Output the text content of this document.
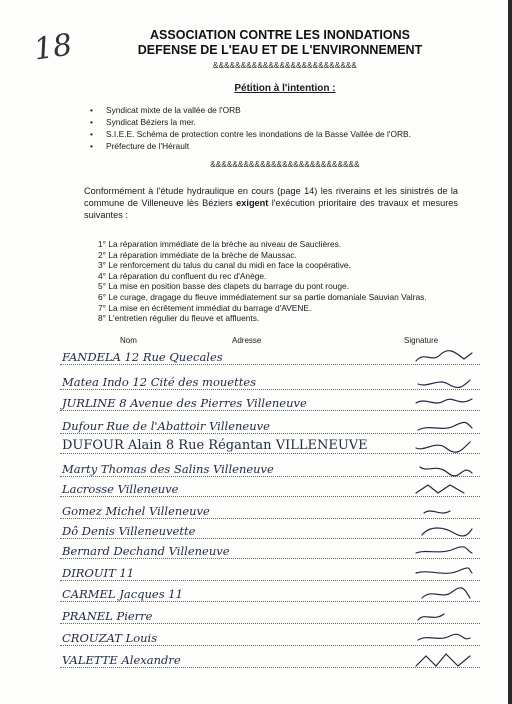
18	ASSOCIATION CONTRE LES INONDATIONS
DEFENSE DE L'EAU ET DE L'ENVIRONNEMENT
&&&&&&&&&&&&&&&&&&&&&&&&&&
Pétition à l'intention :
• Syndicat mixte de la vallée de l'ORB
• Syndicat Béziers la mer.
• S.I.E.E. Schéma de protection contre les inondations de la Basse Vallée de l'ORB.
• Préfecture de l'Hérault
&&&&&&&&&&&&&&&&&&&&&&&&&&&

Conformément à l'étude hydraulique en cours (page 14) les riverains et les sinistrés de la commune de Villeneuve lès Béziers exigent l'exécution prioritaire des travaux et mesures suivantes :

1° La réparation immédiate de la brèche au niveau de Sauclières.
2° La réparation immédiate de la brèche de Maussac.
3° Le renforcement du talus du canal du midi en face la coopérative.
4° La réparation du confluent du rec d'Anège.
5° La mise en position basse des clapets du barrage du pont rouge.
6° Le curage, dragage du fleuve immédiatement sur sa partie domaniale Sauvian Valras.
7° La mise en écrêtement immédiat du barrage d'AVENE.
8° L'entretien régulier du fleuve et affluents.
Nom	Adresse	Signature
FANDELA 12 Rue Quecales
Matea Indo 12 Cité des mouettes
JURLINE 8 Avenue des Pierres Villeneuve
Dufour Rue de l'Abattoir Villeneuve
DUFOUR Alain 8 Rue Régantan VILLENEUVE
Marty Thomas des Salins Villeneuve
Lacrosse Villeneuve
Gomez Michel Villeneuve
Dô Denis Villeneuvette
Bernard Dechand Villeneuve
DIROUIT 11
CARMEL Jacques 11
PRANEL Pierre
CROUZAT Louis
VALETTE Alexandre
